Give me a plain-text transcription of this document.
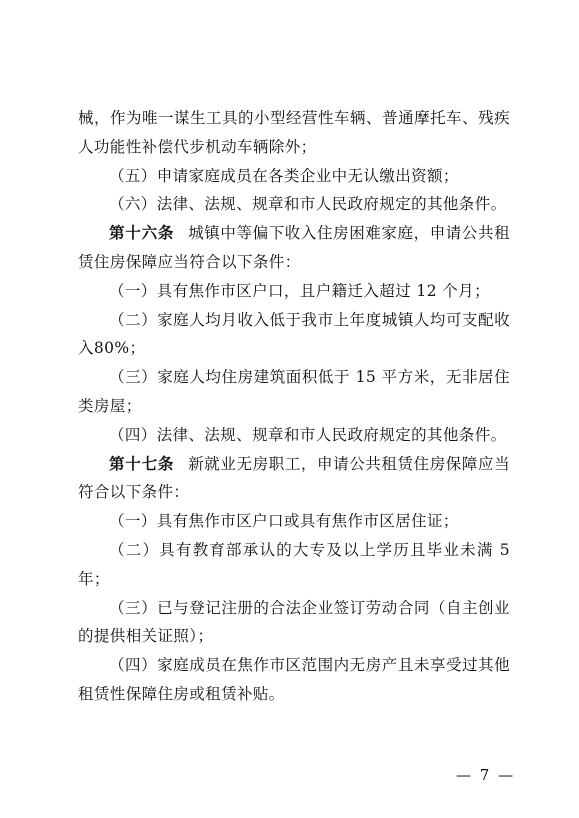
械，作为唯一谋生工具的小型经营性车辆、普通摩托车、残疾人功能性补偿代步机动车辆除外；

（五）申请家庭成员在各类企业中无认缴出资额；

（六）法律、法规、规章和市人民政府规定的其他条件。

第十六条 城镇中等偏下收入住房困难家庭，申请公共租赁住房保障应当符合以下条件：

（一）具有焦作市区户口，且户籍迁入超过 12 个月；

（二）家庭人均月收入低于我市上年度城镇人均可支配收入80%；

（三）家庭人均住房建筑面积低于 15 平方米，无非居住类房屋；

（四）法律、法规、规章和市人民政府规定的其他条件。

第十七条 新就业无房职工，申请公共租赁住房保障应当符合以下条件：

（一）具有焦作市区户口或具有焦作市区居住证；

（二）具有教育部承认的大专及以上学历且毕业未满 5 年；

（三）已与登记注册的合法企业签订劳动合同（自主创业的提供相关证照）；

（四）家庭成员在焦作市区范围内无房产且未享受过其他租赁性保障住房或租赁补贴。

— 7 —
